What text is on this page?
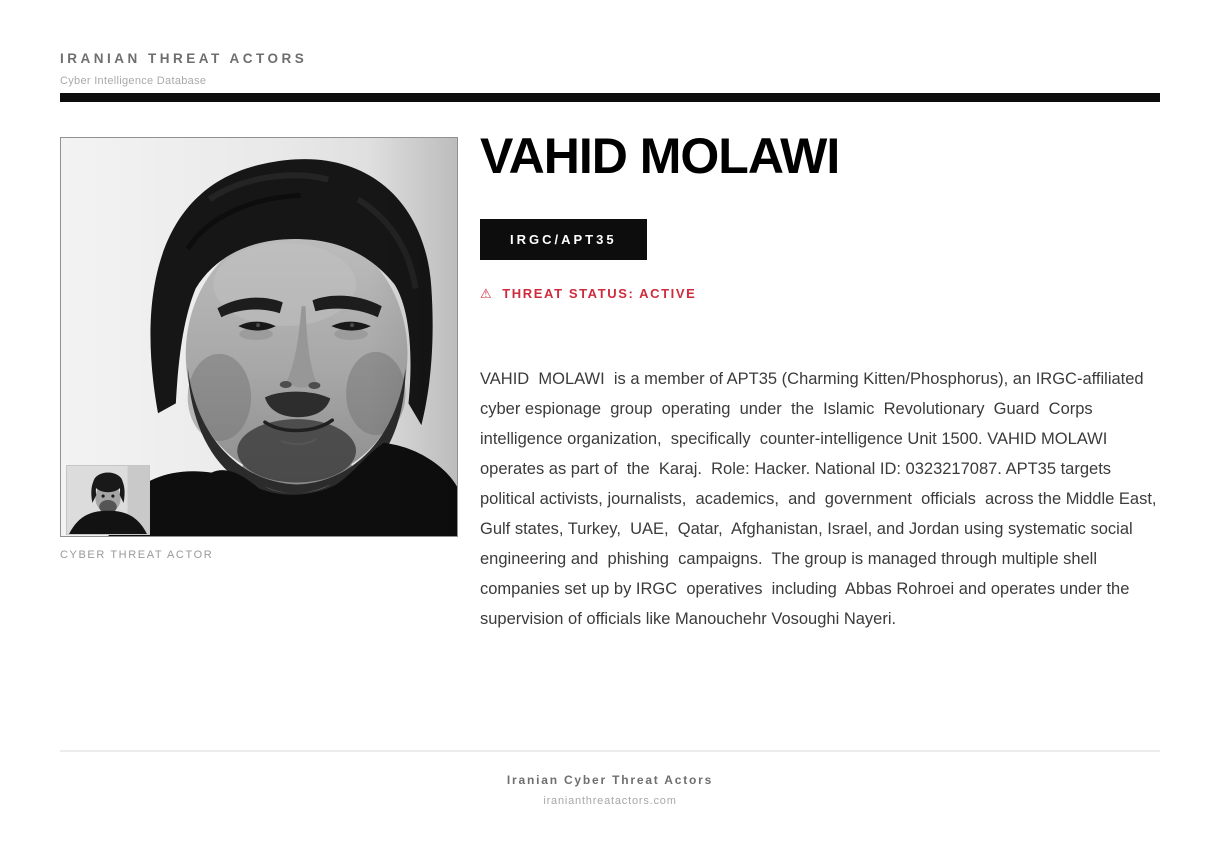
IRANIAN THREAT ACTORS
Cyber Intelligence Database
CYBER THREAT ACTOR
VAHID MOLAWI
IRGC/APT35
⚠ THREAT STATUS: ACTIVE

VAHID  MOLAWI  is a member of APT35 (Charming Kitten/Phosphorus), an IRGC-affiliated cyber espionage  group  operating  under  the  Islamic  Revolutionary  Guard  Corps intelligence organization,  specifically  counter-intelligence Unit 1500. VAHID MOLAWI operates as part of  the  Karaj.  Role: Hacker. National ID: 0323217087. APT35 targets political activists, journalists,  academics,  and  government  officials  across the Middle East, Gulf states, Turkey,  UAE,  Qatar,  Afghanistan, Israel, and Jordan using systematic social engineering and  phishing  campaigns.  The group is managed through multiple shell companies set up by IRGC  operatives  including  Abbas Rohroei and operates under the supervision of officials like Manouchehr Vosoughi Nayeri.

Iranian Cyber Threat Actors
iranianthreatactors.com
